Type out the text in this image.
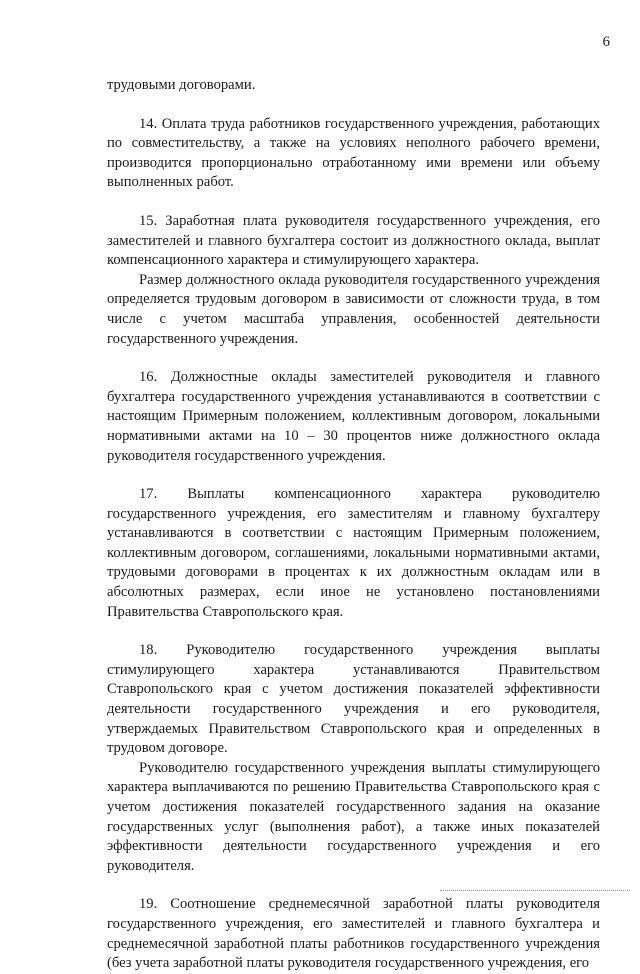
6

трудовыми договорами.

14. Оплата труда работников государственного учреждения, работающих по совместительству, а также на условиях неполного рабочего времени, производится пропорционально отработанному ими времени или объему выполненных работ.

15. Заработная плата руководителя государственного учреждения, его заместителей и главного бухгалтера состоит из должностного оклада, выплат компенсационного характера и стимулирующего характера.

Размер должностного оклада руководителя государственного учреждения определяется трудовым договором в зависимости от сложности труда, в том числе с учетом масштаба управления, особенностей деятельности государственного учреждения.

16. Должностные оклады заместителей руководителя и главного бухгалтера государственного учреждения устанавливаются в соответствии с настоящим Примерным положением, коллективным договором, локальными нормативными актами на 10 – 30 процентов ниже должностного оклада руководителя государственного учреждения.

17. Выплаты компенсационного характера руководителю государственного учреждения, его заместителям и главному бухгалтеру устанавливаются в соответствии с настоящим Примерным положением, коллективным договором, соглашениями, локальными нормативными актами, трудовыми договорами в процентах к их должностным окладам или в абсолютных размерах, если иное не установлено постановлениями Правительства Ставропольского края.

18. Руководителю государственного учреждения выплаты стимулирующего характера устанавливаются Правительством Ставропольского края с учетом достижения показателей эффективности деятельности государственного учреждения и его руководителя, утверждаемых Правительством Ставропольского края и определенных в трудовом договоре.

Руководителю государственного учреждения выплаты стимулирующего характера выплачиваются по решению Правительства Ставропольского края с учетом достижения показателей государственного задания на оказание государственных услуг (выполнения работ), а также иных показателей эффективности деятельности государственного учреждения и его руководителя.

19. Соотношение среднемесячной заработной платы руководителя государственного учреждения, его заместителей и главного бухгалтера и среднемесячной заработной платы работников государственного учреждения (без учета заработной платы руководителя государственного учреждения, его
